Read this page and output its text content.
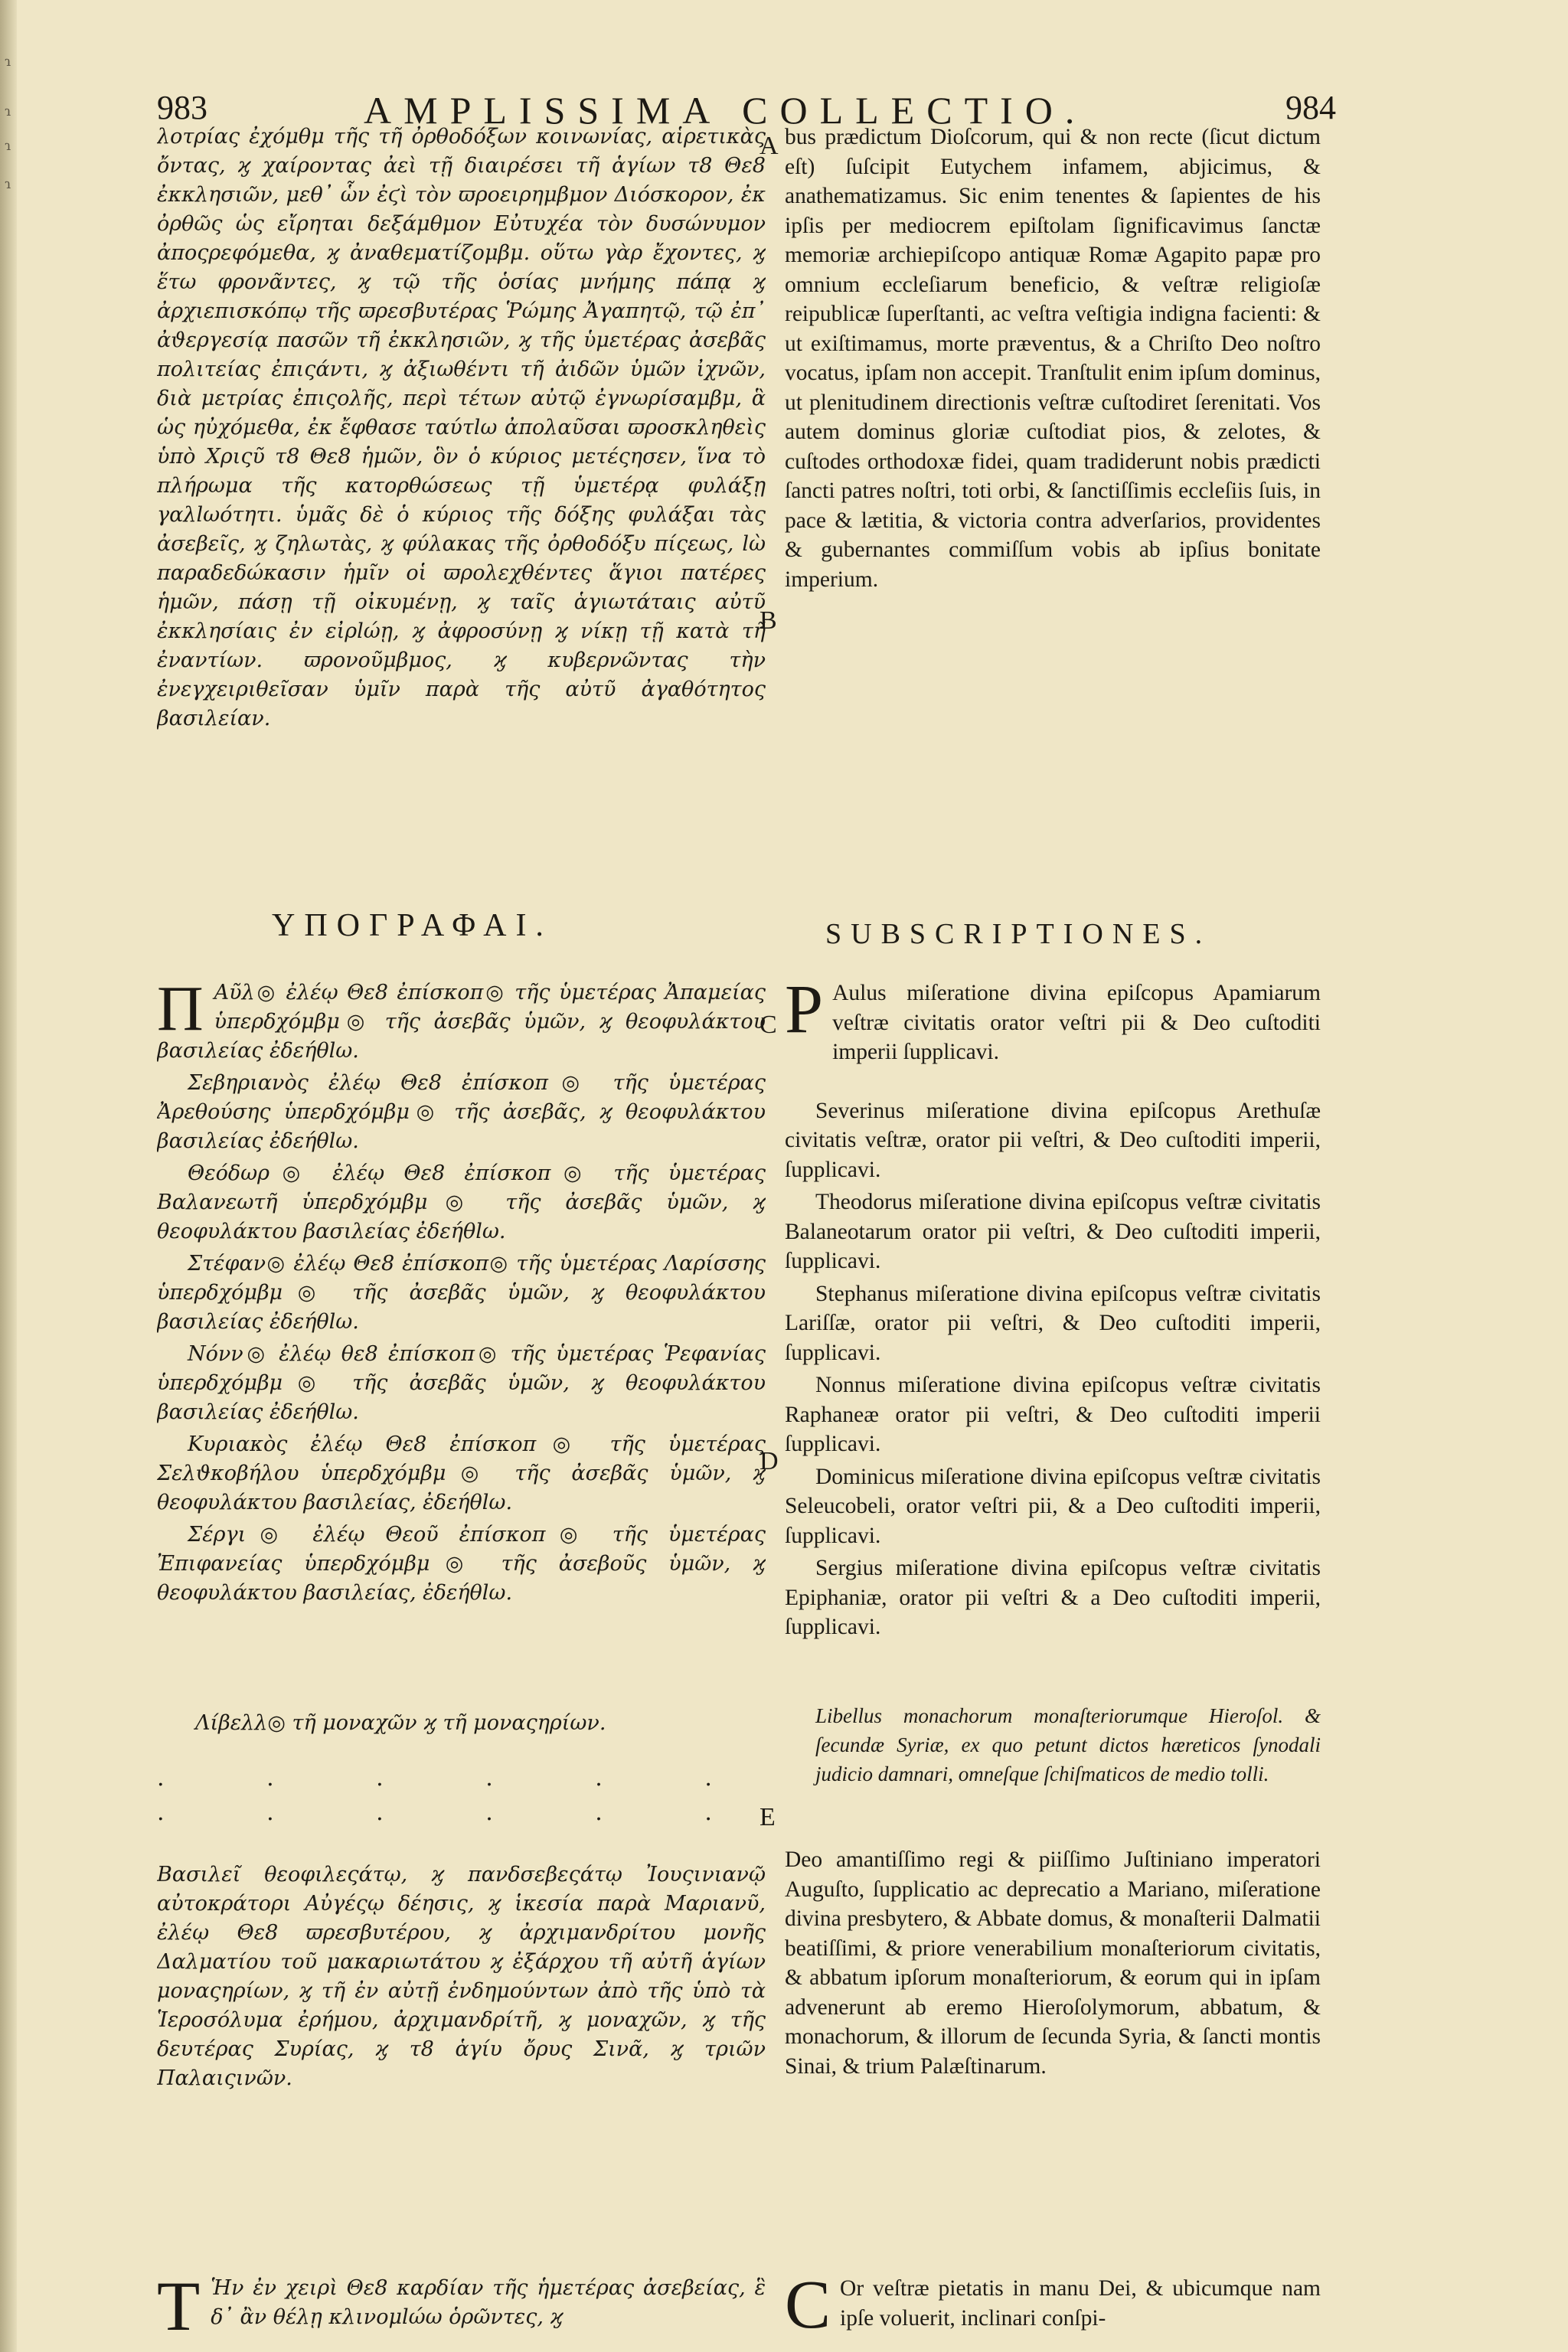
ɿ
ɿ
ɿ
ɿ
983	AMPLISSIMA COLLECTIO.	984

λοτρίας ἐχόμθμ τῆς τῆ ὀρθοδόξων κοινωνίας, αἱρετικὰς ὄντας, ϗ χαίροντας ἀεὶ τῇ διαιρέσει τῆ ἁγίων τ8 Θε8 ἐκκλησιῶν, μεθ᾽ ὧν ἐϛὶ τὸν ϖροειρημβμον Διόσκορον, ἐκ ὀρθῶς ὡς εἴρηται δεξάμθμον Εὐτυχέα τὸν δυσώνυμον ἀποςρεφόμεθα, ϗ ἀναθεματίζομβμ. οὕτω γὰρ ἔχοντες, ϗ ἕτω φρονᾶντες, ϗ τῷ τῆς ὁσίας μνήμης πάπᾳ ϗ ἀρχιεπισκόπῳ τῆς ϖρεσβυτέρας Ῥώμης Ἀγαπητῷ, τῷ ἐπ᾽ ἀϑεργεσίᾳ πασῶν τῆ ἐκκλησιῶν, ϗ τῆς ὑμετέρας ἀσεβᾶς πολιτείας ἐπιςάντι, ϗ ἀξιωθέντι τῆ ἀιδῶν ὑμῶν ἰχνῶν, διὰ μετρίας ἐπιςολῆς, περὶ τέτων αὐτῷ ἐγνωρίσαμβμ, ἃ ὡς ηὐχόμεθα, ἐκ ἔφθασε ταύτlω ἀπολαῦσαι ϖροσκληθεὶς ὑπὸ Χριςῦ τ8 Θε8 ἡμῶν, ὃν ὁ κύριος μετέςησεν, ἵνα τὸ πλήρωμα τῆς κατορθώσεως τῇ ὑμετέρᾳ φυλάξῃ γαλlωότητι. ὑμᾶς δὲ ὁ κύριος τῆς δόξης φυλάξαι τὰς ἀσεβεῖς, ϗ ζηλωτὰς, ϗ φύλακας τῆς ὀρθοδόξυ πίςεως, lὼ παραδεδώκασιν ἡμῖν οἱ ϖρολεχθέντες ἅγιοι πατέρες ἡμῶν, πάσῃ τῇ οἰκυμένῃ, ϗ ταῖς ἁγιωτάταις αὐτῦ ἐκκλησίαις ἐν εἰρlώῃ, ϗ ἀφροσύνῃ ϗ νίκῃ τῇ κατὰ τῆ ἐναντίων. ϖρονοῦμβμος, ϗ κυβερνῶντας τὴν ἐνεγχειριθεῖσαν ὑμῖν παρὰ τῆς αὐτῦ ἀγαθότητος βασιλείαν.

bus prædictum Dioſcorum, qui & non recte (ſicut dictum eſt) ſuſcipit Eutychem infamem, abjicimus, & anathematizamus. Sic enim tenentes & ſapientes de his ipſis per mediocrem epiſtolam ſignificavimus ſanctæ memoriæ archiepiſcopo antiquæ Romæ Agapito papæ pro omnium eccleſiarum beneficio, & veſtræ religioſæ reipublicæ ſuperſtanti, ac veſtra veſtigia indigna facienti: & ut exiſtimamus, morte præventus, & a Chriſto Deo noſtro vocatus, ipſam non accepit. Tranſtulit enim ipſum dominus, ut plenitudinem directionis veſtræ cuſtodiret ſerenitati. Vos autem dominus gloriæ cuſtodiat pios, & zelotes, & cuſtodes orthodoxæ fidei, quam tradiderunt nobis prædicti ſancti patres noſtri, toti orbi, & ſanctiſſimis eccleſiis ſuis, in pace & lætitia, & victoria contra adverſarios, providentes & gubernantes commiſſum vobis ab ipſius bonitate imperium.

A
B
C
D
E
ΥΠΟΓΡΑΦΑΙ.	SUBSCRIPTIONES.

Π Αῦλ◎ ἐλέῳ Θε8 ἐπίσκοπ◎ τῆς ὑμετέρας Ἀπαμείας ὑπερδχόμβμ◎ τῆς ἀσεβᾶς ὑμῶν, ϗ θεοφυλάκτου βασιλείας ἐδεήθlω.

Σεβηριανὸς ἐλέῳ Θε8 ἐπίσκοπ◎ τῆς ὑμετέρας Ἀρεθούσης ὑπερδχόμβμ◎ τῆς ἀσεβᾶς, ϗ θεοφυλάκτου βασιλείας ἐδεήθlω.

Θεόδωρ◎ ἐλέῳ Θε8 ἐπίσκοπ◎ τῆς ὑμετέρας Βαλανεωτῆ ὑπερδχόμβμ◎ τῆς ἀσεβᾶς ὑμῶν, ϗ θεοφυλάκτου βασιλείας ἐδεήθlω.

Στέφαν◎ ἐλέῳ Θε8 ἐπίσκοπ◎ τῆς ὑμετέρας Λαρίσσης ὑπερδχόμβμ◎ τῆς ἀσεβᾶς ὑμῶν, ϗ θεοφυλάκτου βασιλείας ἐδεήθlω.

Νόνν◎ ἐλέῳ θε8 ἐπίσκοπ◎ τῆς ὑμετέρας Ῥεφανίας ὑπερδχόμβμ◎ τῆς ἀσεβᾶς ὑμῶν, ϗ θεοφυλάκτου βασιλείας ἐδεήθlω.

Κυριακὸς ἐλέῳ Θε8 ἐπίσκοπ◎ τῆς ὑμετέρας Σελϑκοβήλου ὑπερδχόμβμ◎ τῆς ἀσεβᾶς ὑμῶν, ϗ θεοφυλάκτου βασιλείας, ἐδεήθlω.

Σέργι◎ ἐλέῳ Θεοῦ ἐπίσκοπ◎ τῆς ὑμετέρας Ἐπιφανείας ὑπερδχόμβμ◎ τῆς ἀσεβοῦς ὑμῶν, ϗ θεοφυλάκτου βασιλείας, ἐδεήθlω.

P Aulus miſeratione divina epiſcopus Apamiarum veſtræ civitatis orator veſtri pii & Deo cuſtoditi imperii ſupplicavi.

Severinus miſeratione divina epiſcopus Arethuſæ civitatis veſtræ, orator pii veſtri, & Deo cuſtoditi imperii, ſupplicavi.

Theodorus miſeratione divina epiſcopus veſtræ civitatis Balaneotarum orator pii veſtri, & Deo cuſtoditi imperii, ſupplicavi.

Stephanus miſeratione divina epiſcopus veſtræ civitatis Lariſſæ, orator pii veſtri, & Deo cuſtoditi imperii, ſupplicavi.

Nonnus miſeratione divina epiſcopus veſtræ civitatis Raphaneæ orator pii veſtri, & Deo cuſtoditi imperii ſupplicavi.

Dominicus miſeratione divina epiſcopus veſtræ civitatis Seleucobeli, orator veſtri pii, & a Deo cuſtoditi imperii, ſupplicavi.

Sergius miſeratione divina epiſcopus veſtræ civitatis Epiphaniæ, orator pii veſtri & a Deo cuſtoditi imperii, ſupplicavi.

Λίβελλ◎ τῆ μοναχῶν ϗ τῆ μοναςηρίων.

. . . . . . . . . . . .

Libellus monachorum monaſteriorumque Hieroſol. & ſecundæ Syriæ, ex quo petunt dictos hæreticos ſynodali judicio damnari, omneſque ſchiſmaticos de medio tolli.

Βασιλεῖ θεοφιλεςάτῳ, ϗ πανδσεβεςάτῳ Ἰουςινιανῷ αὐτοκράτορι Αὐγέςῳ δέησις, ϗ ἱκεσία παρὰ Μαριανῦ, ἐλέῳ Θε8 ϖρεσβυτέρου, ϗ ἀρχιμανδρίτου μονῆς Δαλματίου τοῦ μακαριωτάτου ϗ ἐξάρχου τῆ αὐτῆ ἁγίων μοναςηρίων, ϗ τῆ ἐν αὐτῇ ἐνδημούντων ἀπὸ τῆς ὑπὸ τὰ Ἱεροσόλυμα ἐρήμου, ἀρχιμανδρίτῆ, ϗ μοναχῶν, ϗ τῆς δευτέρας Συρίας, ϗ τ8 ἁγίυ ὄρυς Σινᾶ, ϗ τριῶν Παλαιςινῶν.

Deo amantiſſimo regi & piiſſimo Juſtiniano imperatori Auguſto, ſupplicatio ac deprecatio a Mariano, miſeratione divina presbytero, & Abbate domus, & monaſterii Dalmatii beatiſſimi, & priore venerabilium monaſteriorum civitatis, & abbatum ipſorum monaſteriorum, & eorum qui in ipſam advenerunt ab eremo Hieroſolymorum, abbatum, & monachorum, & illorum de ſecunda Syria, & ſancti montis Sinai, & trium Palæſtinarum.

Τ Ἡν ἐν χειρὶ Θε8 καρδίαν τῆς ἡμετέρας ἀσεβείας, ἓ δ᾽ ἂν θέλῃ κλινομlώω ὁρῶντες, ϗ	C Or veſtræ pietatis in manu Dei, & ubicumque nam ipſe voluerit, inclinari conſpi-
